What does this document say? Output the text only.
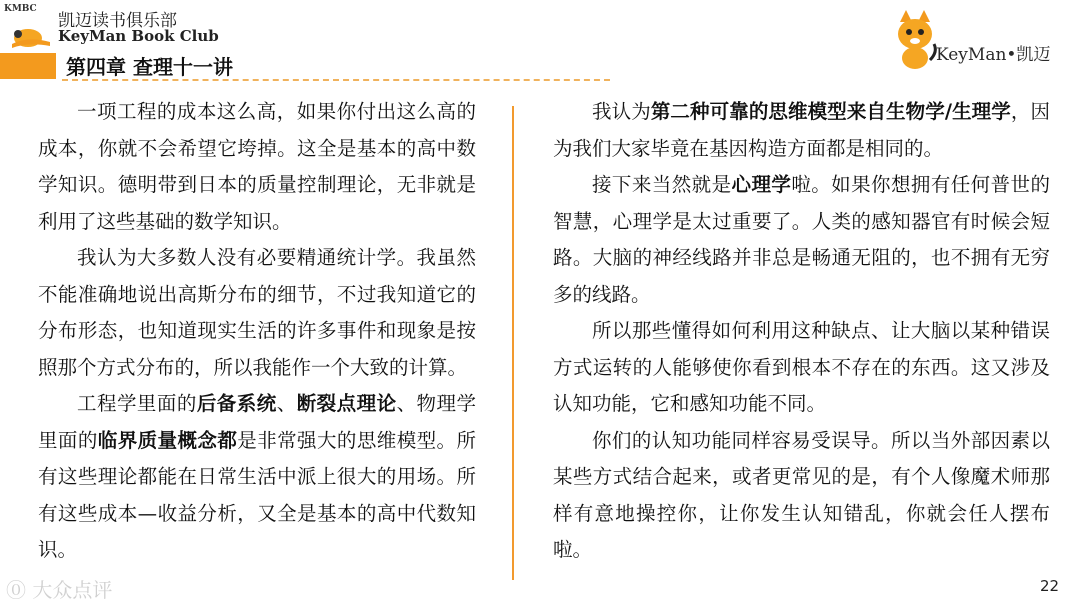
KMBC
凯迈读书俱乐部
KeyMan Book Club
第四章 查理十一讲	KeyMan•凯迈

一项工程的成本这么高，如果你付出这么高的成本，你就不会希望它垮掉。这全是基本的高中数学知识。德明带到日本的质量控制理论，无非就是利用了这些基础的数学知识。

我认为大多数人没有必要精通统计学。我虽然不能准确地说出高斯分布的细节，不过我知道它的分布形态，也知道现实生活的许多事件和现象是按照那个方式分布的，所以我能作一个大致的计算。

工程学里面的后备系统、断裂点理论、物理学里面的临界质量概念都是非常强大的思维模型。所有这些理论都能在日常生活中派上很大的用场。所有这些成本—收益分析，又全是基本的高中代数知识。

我认为第二种可靠的思维模型来自生物学/生理学，因为我们大家毕竟在基因构造方面都是相同的。

接下来当然就是心理学啦。如果你想拥有任何普世的智慧，心理学是太过重要了。人类的感知器官有时候会短路。大脑的神经线路并非总是畅通无阻的，也不拥有无穷多的线路。

所以那些懂得如何利用这种缺点、让大脑以某种错误方式运转的人能够使你看到根本不存在的东西。这又涉及认知功能，它和感知功能不同。

你们的认知功能同样容易受误导。所以当外部因素以某些方式结合起来，或者更常见的是，有个人像魔术师那样有意地操控你，让你发生认知错乱，你就会任人摆布啦。

⓪ 大众点评	22
